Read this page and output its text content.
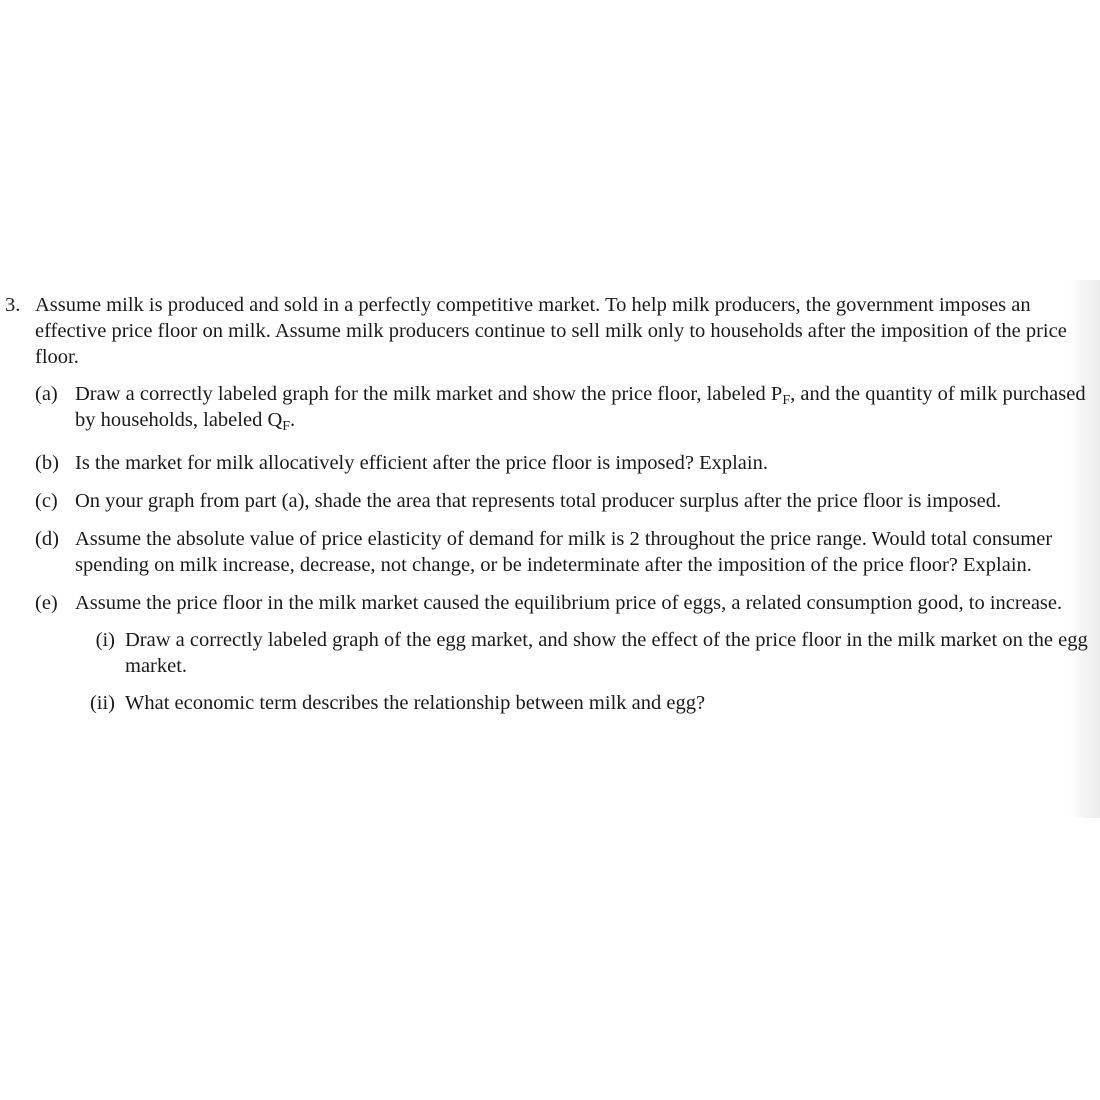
3. Assume milk is produced and sold in a perfectly competitive market. To help milk producers, the government imposes an effective price floor on milk. Assume milk producers continue to sell milk only to households after the imposition of the price floor.

(a) Draw a correctly labeled graph for the milk market and show the price floor, labeled $P_F$, and the quantity of milk purchased by households, labeled $Q_F$.

(b) Is the market for milk allocatively efficient after the price floor is imposed? Explain.

(c) On your graph from part (a), shade the area that represents total producer surplus after the price floor is imposed.

(d) Assume the absolute value of price elasticity of demand for milk is 2 throughout the price range. Would total consumer spending on milk increase, decrease, not change, or be indeterminate after the imposition of the price floor? Explain.

(e) Assume the price floor in the milk market caused the equilibrium price of eggs, a related consumption good, to increase.

(i) Draw a correctly labeled graph of the egg market, and show the effect of the price floor in the milk market on the egg market.

(ii) What economic term describes the relationship between milk and egg?
